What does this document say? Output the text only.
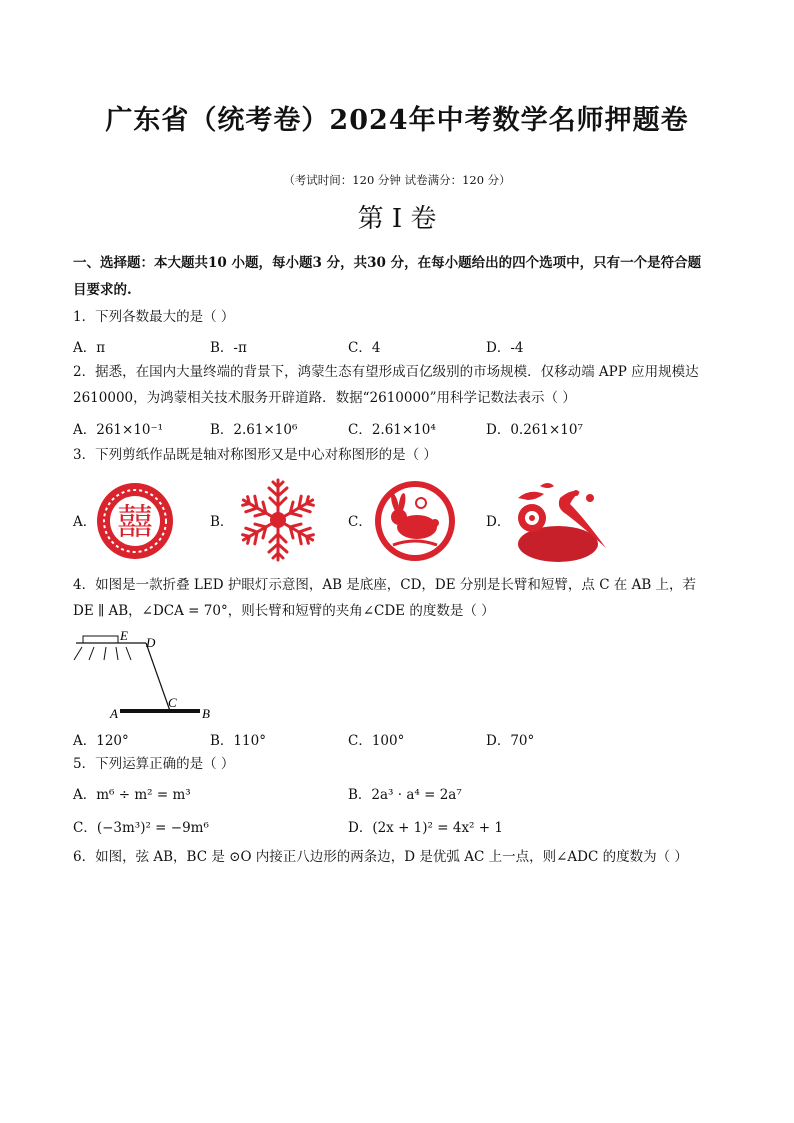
广东省（统考卷）2024年中考数学名师押题卷
（考试时间：120 分钟 试卷满分：120 分）
第 I 卷
一、选择题：本大题共10 小题，每小题3 分，共30 分，在每小题给出的四个选项中，只有一个是符合题
目要求的.
1．下列各数最大的是（ ）
A．π	B．-π	C．4	D．-4
2．据悉，在国内大量终端的背景下，鸿蒙生态有望形成百亿级别的市场规模．仅移动端 APP 应用规模达
2610000，为鸿蒙相关技术服务开辟道路．数据“2610000”用科学记数法表示（ ）
A．261×10⁻¹	B．2.61×10⁶	C．2.61×10⁴	D．0.261×10⁷
3．下列剪纸作品既是轴对称图形又是中心对称图形的是（ ）
A．	B．	C．	D．
囍
4．如图是一款折叠 LED 护眼灯示意图，AB 是底座，CD，DE 分别是长臂和短臂，点 C 在 AB 上，若
DE ∥ AB，∠DCA = 70°，则长臂和短臂的夹角∠CDE 的度数是（ ）
E D
C
A	B
A．120°	B．110°	C．100°	D．70°
5．下列运算正确的是（ ）
A．m⁶ ÷ m² = m³	B．2a³ · a⁴ = 2a⁷
C．(−3m³)² = −9m⁶	D．(2x + 1)² = 4x² + 1
6．如图，弦 AB，BC 是 ⊙O 内接正八边形的两条边，D 是优弧 AC 上一点，则∠ADC 的度数为（ ）
